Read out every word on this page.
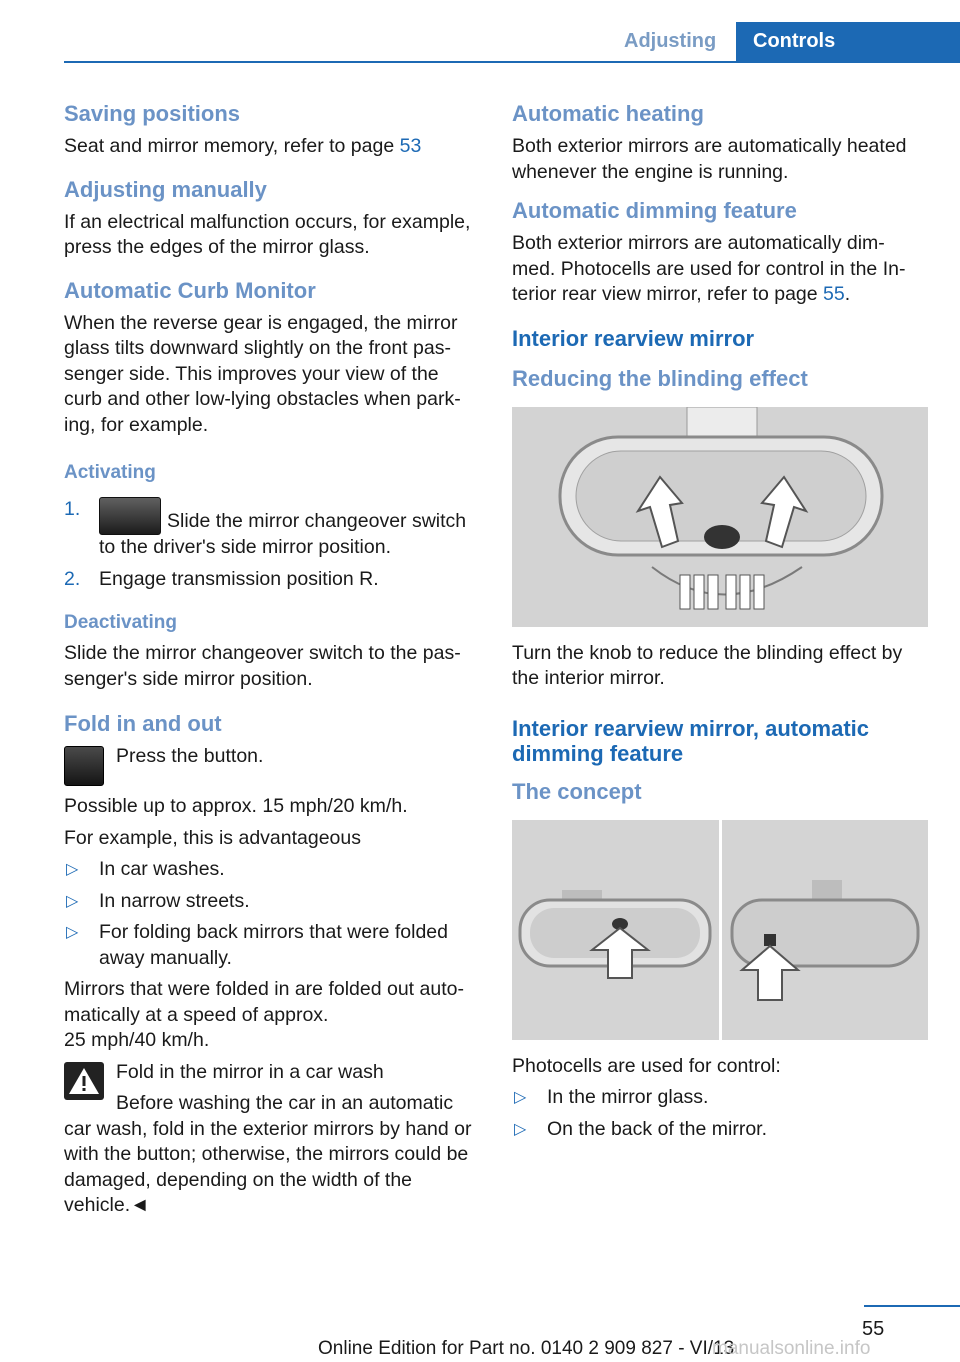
Adjusting	Controls
Saving positions

Seat and mirror memory, refer to page 53

Adjusting manually

If an electrical malfunction occurs, for example, press the edges of the mirror glass.

Automatic Curb Monitor

When the reverse gear is engaged, the mirror glass tilts downward slightly on the front pas- senger side. This improves your view of the curb and other low-lying obstacles when park- ing, for example.

Activating
1.
Slide the mirror changeover switch to the driver's side mirror position.
2. Engage transmission position R.
Deactivating

Slide the mirror changeover switch to the pas- senger's side mirror position.

Fold in and out
Press the button.

Possible up to approx. 15 mph/20 km/h.

For example, this is advantageous

▷ In car washes.
▷ In narrow streets.
▷ For folding back mirrors that were folded away manually.

Mirrors that were folded in are folded out auto- matically at a speed of approx.

25 mph/40 km/h.

Fold in the mirror in a car wash

Before washing the car in an automatic car wash, fold in the exterior mirrors by hand or with the button; otherwise, the mirrors could be damaged, depending on the width of the vehicle.◄

Automatic heating

Both exterior mirrors are automatically heated whenever the engine is running.

Automatic dimming feature

Both exterior mirrors are automatically dim- med. Photocells are used for control in the In- terior rear view mirror, refer to page 55.

Interior rearview mirror
Reducing the blinding effect

Turn the knob to reduce the blinding effect by the interior mirror.

Interior rearview mirror, automatic dimming feature
The concept

Photocells are used for control:

▷ In the mirror glass.
▷ On the back of the mirror.
55
Online Edition for Part no. 0140 2 909 827 - VI/13
manualsonline.info
